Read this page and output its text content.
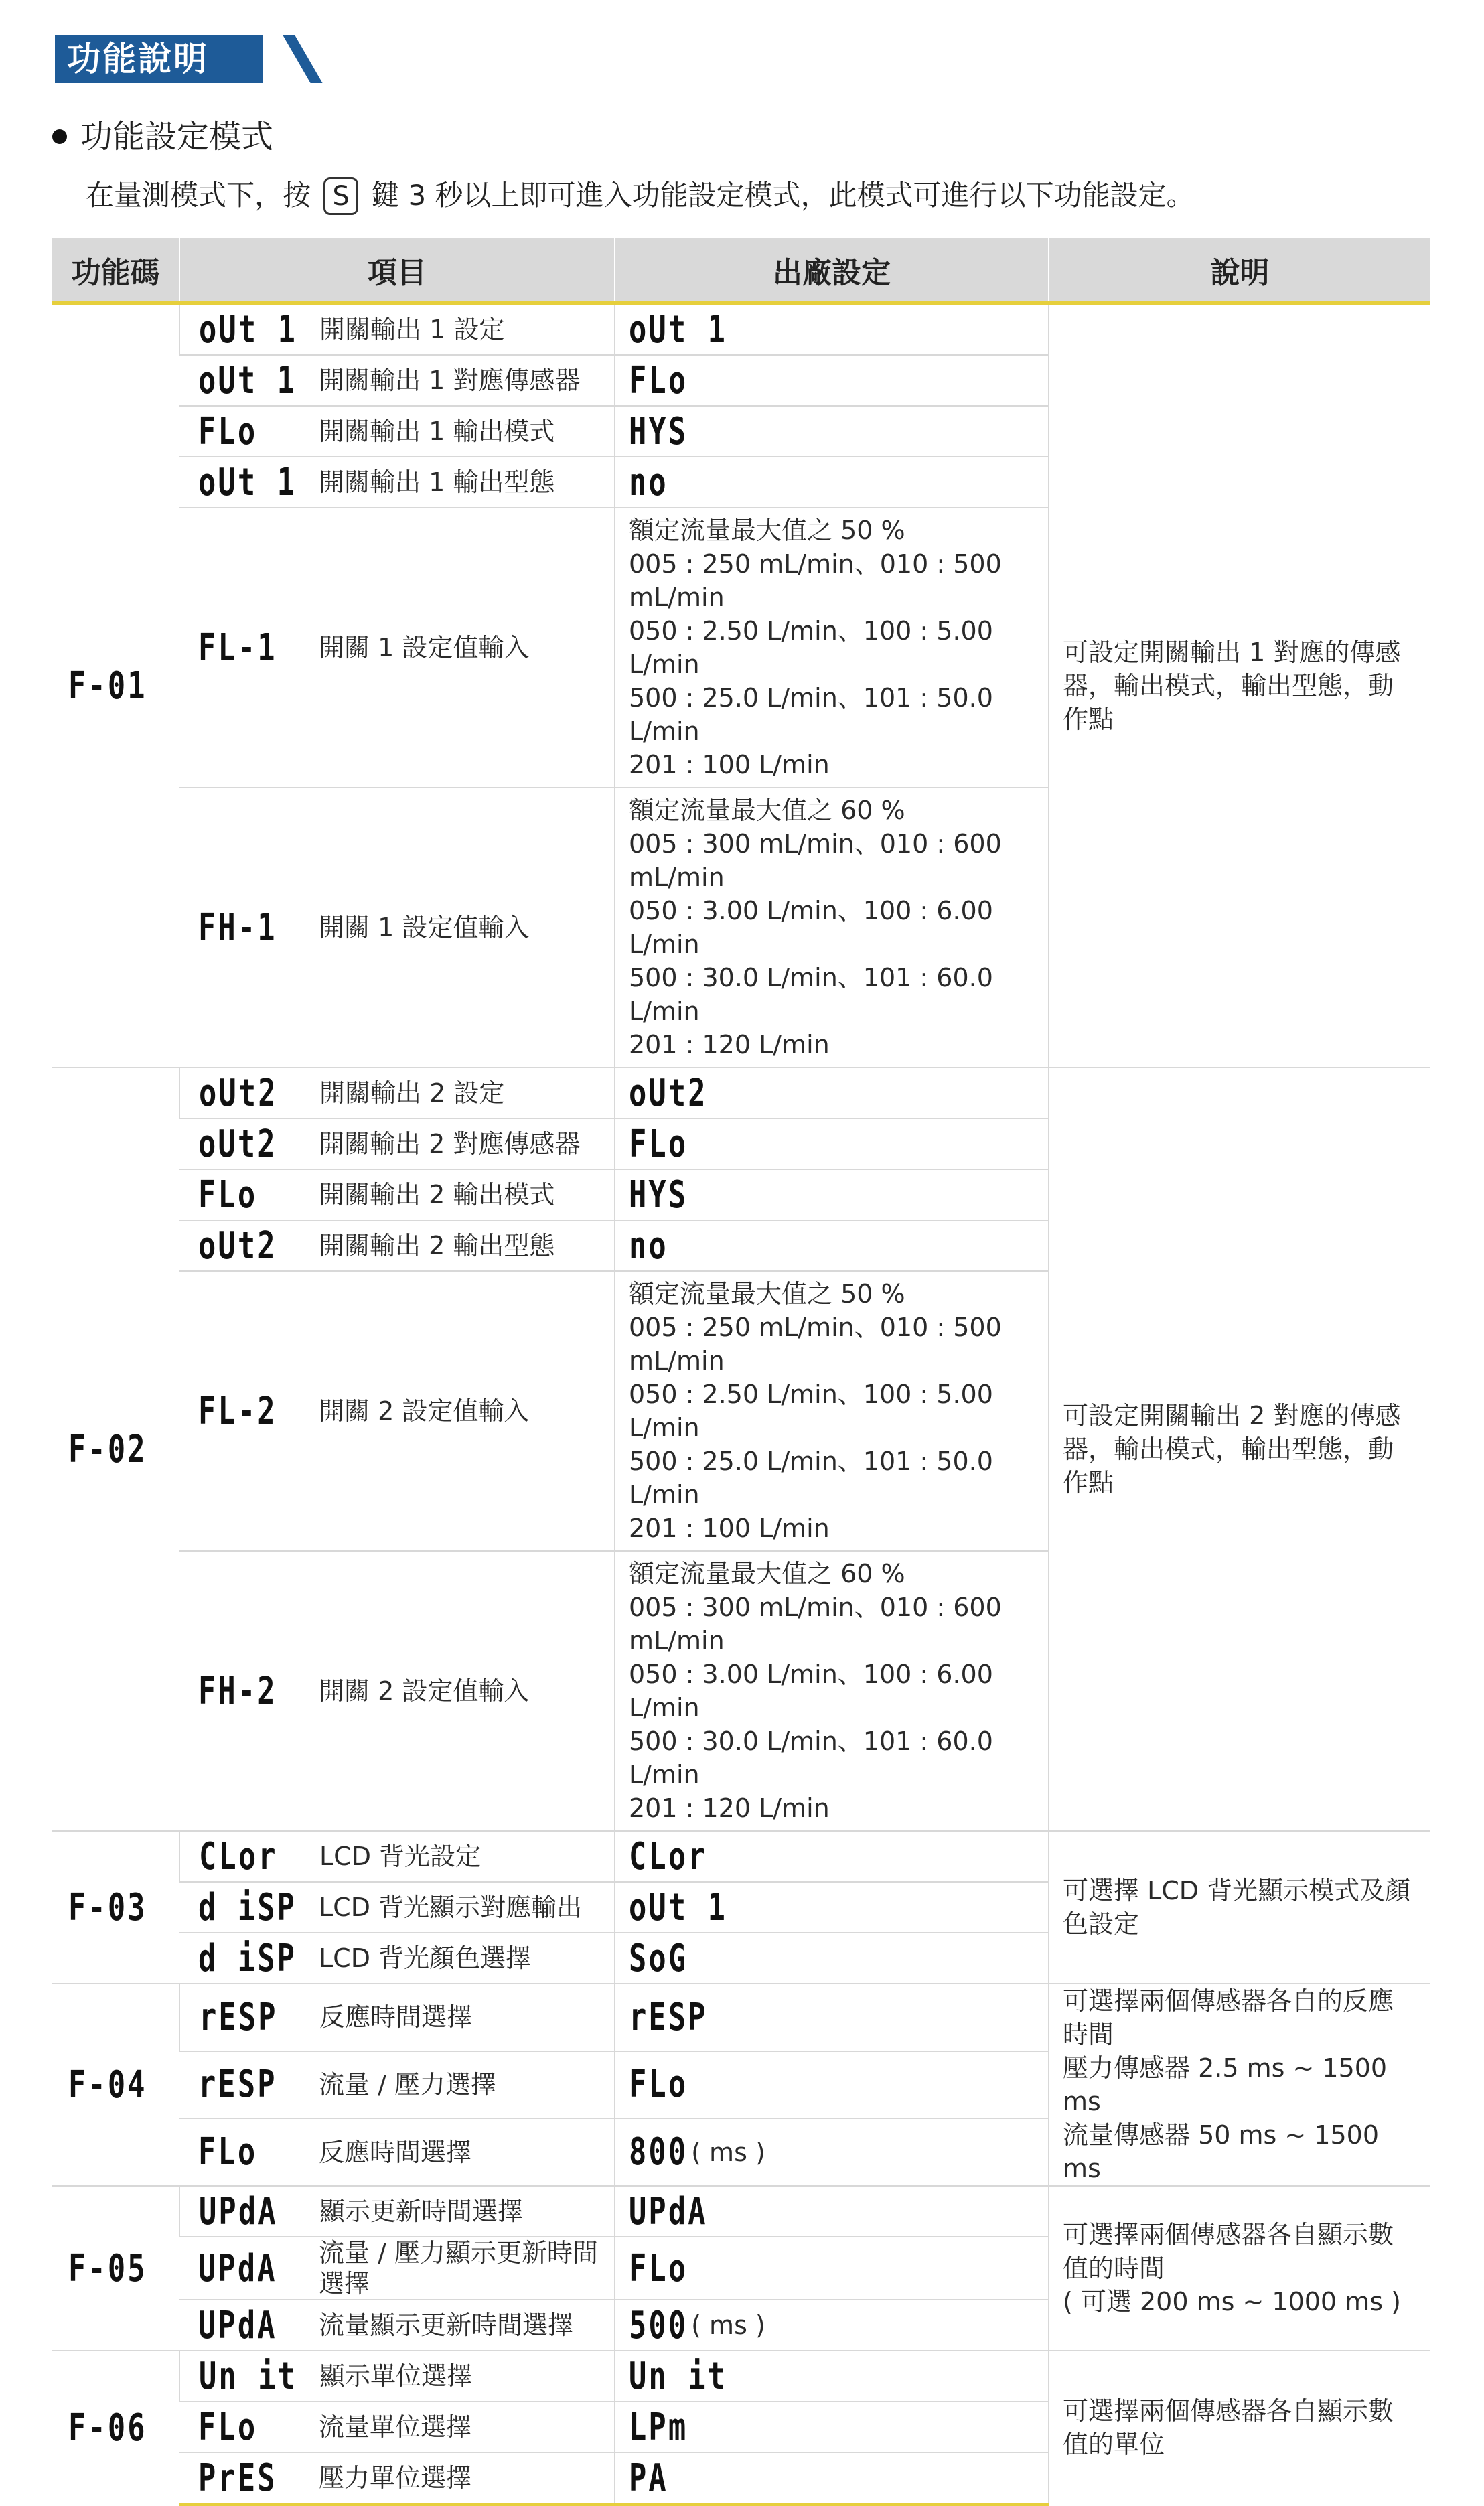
功能說明
功能設定模式
在量測模式下，按 S 鍵 3 秒以上即可進入功能設定模式，此模式可進行以下功能設定。
功能碼	項目	出廠設定	說明
F-01	oUt 1 開關輸出 1 設定	oUt 1	可設定開關輸出 1 對應的傳感器，輸出模式，輸出型態，動作點

	oUt 1 開關輸出 1 對應傳感器	FLo	

	FLo 開關輸出 1 輸出模式	HYS	

	oUt 1 開關輸出 1 輸出型態	no	

	FL-1 開關 1 設定值輸入	額定流量最大值之 50 %
005 : 250 mL/min、010 : 500 mL/min
050 : 2.50 L/min、100 : 5.00 L/min
500 : 25.0 L/min、101 : 50.0 L/min
201 : 100 L/min	

	FH-1 開關 1 設定值輸入	額定流量最大值之 60 %
005 : 300 mL/min、010 : 600 mL/min
050 : 3.00 L/min、100 : 6.00 L/min
500 : 30.0 L/min、101 : 60.0 L/min
201 : 120 L/min	

F-02	oUt2 開關輸出 2 設定	oUt2	可設定開關輸出 2 對應的傳感器，輸出模式，輸出型態，動作點

	oUt2 開關輸出 2 對應傳感器	FLo	

	FLo 開關輸出 2 輸出模式	HYS	

	oUt2 開關輸出 2 輸出型態	no	

	FL-2 開關 2 設定值輸入	額定流量最大值之 50 %
005 : 250 mL/min、010 : 500 mL/min
050 : 2.50 L/min、100 : 5.00 L/min
500 : 25.0 L/min、101 : 50.0 L/min
201 : 100 L/min	

	FH-2 開關 2 設定值輸入	額定流量最大值之 60 %
005 : 300 mL/min、010 : 600 mL/min
050 : 3.00 L/min、100 : 6.00 L/min
500 : 30.0 L/min、101 : 60.0 L/min
201 : 120 L/min	

F-03	CLor LCD 背光設定	CLor	可選擇 LCD 背光顯示模式及顏色設定

	d iSP LCD 背光顯示對應輸出	oUt 1	

	d iSP LCD 背光顏色選擇	SoG	

F-04	rESP 反應時間選擇	rESP	可選擇兩個傳感器各自的反應時間
壓力傳感器 2.5 ms ~ 1500 ms
流量傳感器 50 ms ~ 1500 ms

	rESP 流量 / 壓力選擇	FLo	

	FLo 反應時間選擇	800 ( ms )	

F-05	UPdA 顯示更新時間選擇	UPdA	可選擇兩個傳感器各自顯示數值的時間
( 可選 200 ms ~ 1000 ms )

	UPdA 流量 / 壓力顯示更新時間選擇	FLo	

	UPdA 流量顯示更新時間選擇	500 ( ms )	

F-06	Un it 顯示單位選擇	Un it	可選擇兩個傳感器各自顯示數值的單位

	FLo 流量單位選擇	LPm	

	PrES 壓力單位選擇	PA	
